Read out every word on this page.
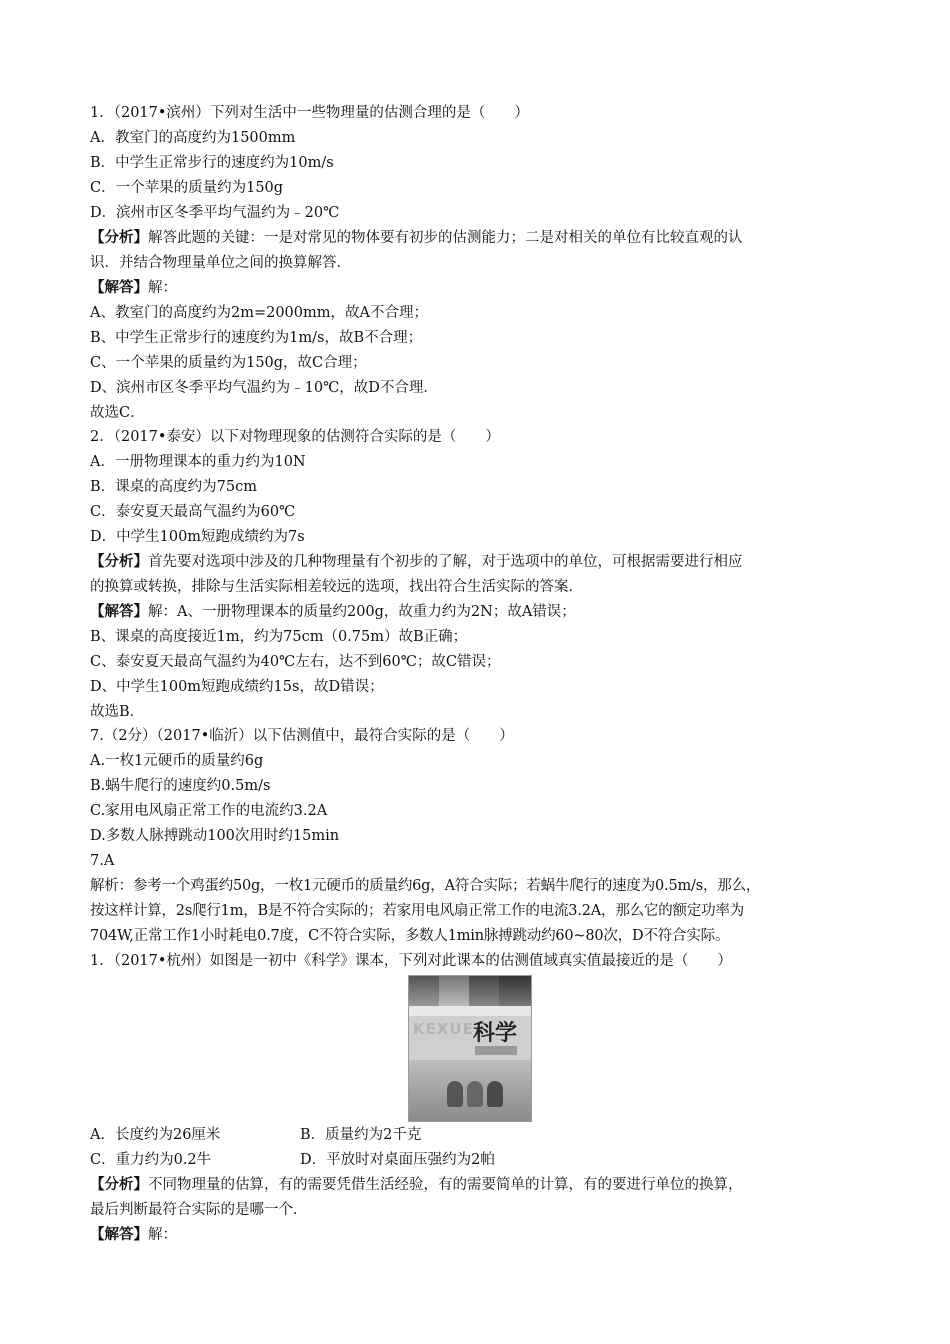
1．（2017•滨州）下列对生活中一些物理量的估测合理的是（　　）
A．教室门的高度约为1500mm
B．中学生正常步行的速度约为10m/s
C．一个苹果的质量约为150g
D．滨州市区冬季平均气温约为﹣20℃
【分析】解答此题的关键：一是对常见的物体要有初步的估测能力；二是对相关的单位有比较直观的认
识．并结合物理量单位之间的换算解答．
【解答】解：
A、教室门的高度约为2m=2000mm，故A不合理；
B、中学生正常步行的速度约为1m/s，故B不合理；
C、一个苹果的质量约为150g，故C合理；
D、滨州市区冬季平均气温约为﹣10℃，故D不合理．
故选C．
2．（2017•泰安）以下对物理现象的估测符合实际的是（　　）
A．一册物理课本的重力约为10N
B．课桌的高度约为75cm
C．泰安夏天最高气温约为60℃
D．中学生100m短跑成绩约为7s
【分析】首先要对选项中涉及的几种物理量有个初步的了解，对于选项中的单位，可根据需要进行相应
的换算或转换，排除与生活实际相差较远的选项，找出符合生活实际的答案．
【解答】解：A、一册物理课本的质量约200g，故重力约为2N；故A错误；
B、课桌的高度接近1m，约为75cm（0.75m）故B正确；
C、泰安夏天最高气温约为40℃左右，达不到60℃；故C错误；
D、中学生100m短跑成绩约15s，故D错误；
故选B．
7.（2分）（2017•临沂）以下估测值中，最符合实际的是（　　）
A.一枚1元硬币的质量约6g
B.蜗牛爬行的速度约0.5m/s
C.家用电风扇正常工作的电流约3.2A
D.多数人脉搏跳动100次用时约15min
7.A
解析：参考一个鸡蛋约50g，一枚1元硬币的质量约6g，A符合实际；若蜗牛爬行的速度为0.5m/s，那么，
按这样计算，2s爬行1m，B是不符合实际的；若家用电风扇正常工作的电流3.2A，那么它的额定功率为
704W,正常工作1小时耗电0.7度，C不符合实际，多数人1min脉搏跳动约60~80次，D不符合实际。
1．（2017•杭州）如图是一初中《科学》课本，下列对此课本的估测值域真实值最接近的是（　　）
KEXUE 科学
A．长度约为26厘米	B．质量约为2千克
C．重力约为0.2牛	D．平放时对桌面压强约为2帕
【分析】不同物理量的估算，有的需要凭借生活经验，有的需要简单的计算，有的要进行单位的换算，
最后判断最符合实际的是哪一个．
【解答】解：
